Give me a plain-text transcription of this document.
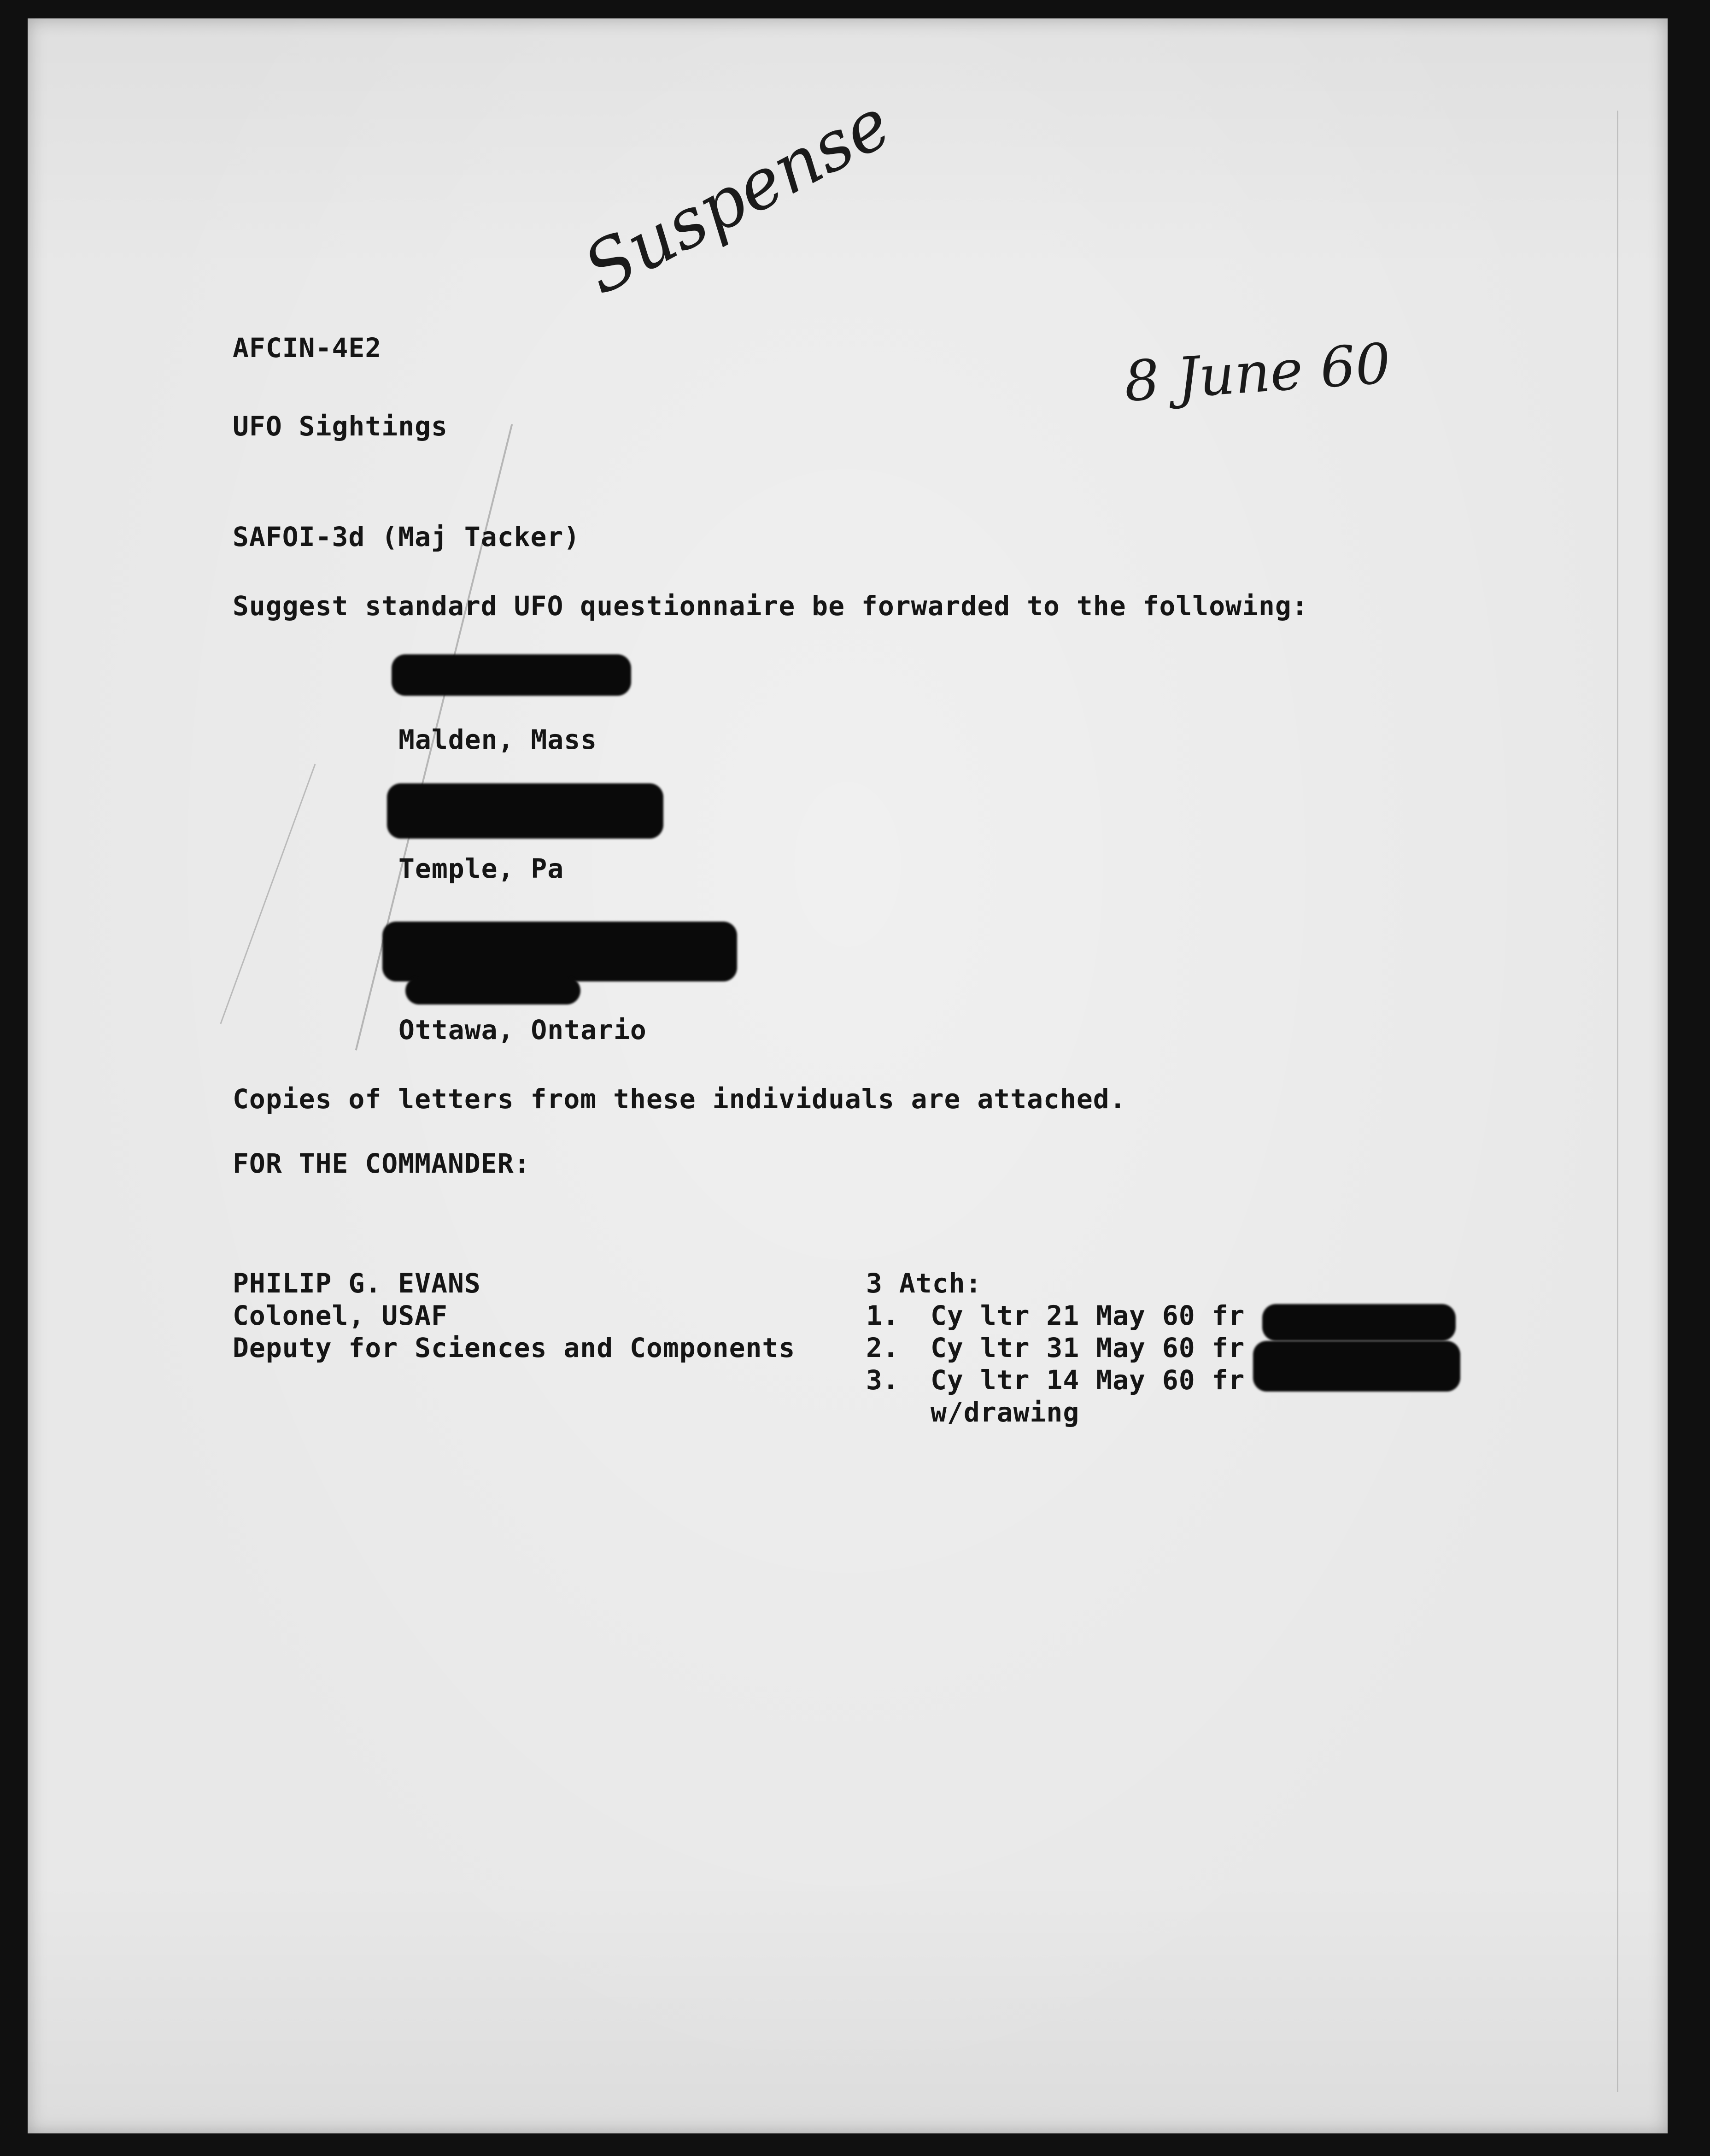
Suspense
8 June 60
AFCIN-4E2
UFO Sightings
SAFOI-3d (Maj Tacker)
Suggest standard UFO questionnaire be forwarded to the following:
Malden, Mass
Temple, Pa
Ottawa, Ontario
Copies of letters from these individuals are attached.
FOR THE COMMANDER:
PHILIP G. EVANS
Colonel, USAF
Deputy for Sciences and Components
3 Atch:
1. Cy ltr 21 May 60 fr
2. Cy ltr 31 May 60 fr
3. Cy ltr 14 May 60 fr
w/drawing
